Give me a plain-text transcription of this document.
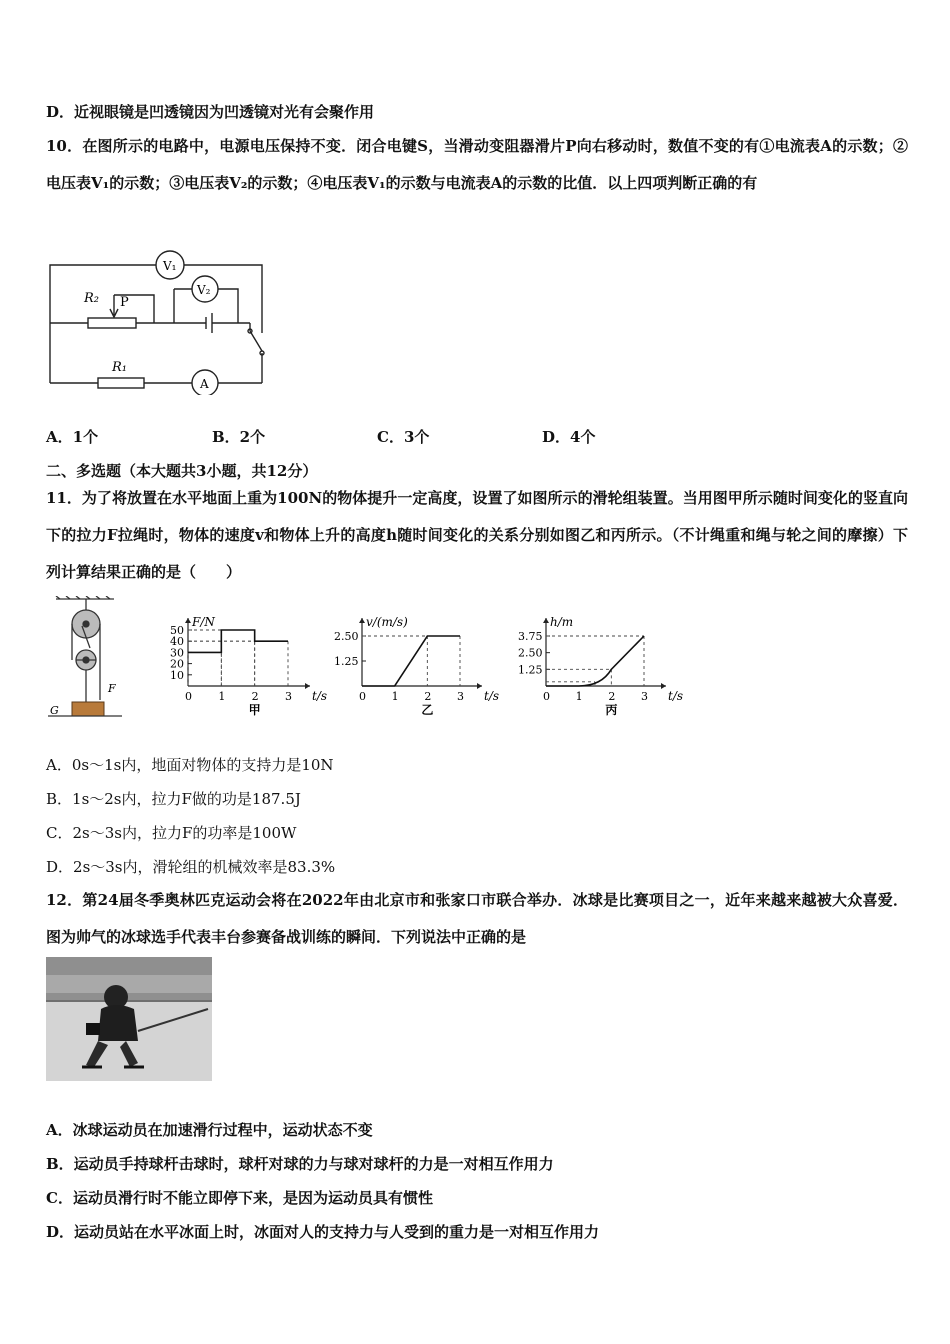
D．近视眼镜是凹透镜因为凹透镜对光有会聚作用
10．在图所示的电路中，电源电压保持不变．闭合电键S，当滑动变阻器滑片P向右移动时，数值不变的有①电流表A的示数；②电压表V₁的示数；③电压表V₂的示数；④电压表V₁的示数与电流表A的示数的比值．以上四项判断正确的有
V₁
V₂
R₂ P
R₁
A
A．1个	B．2个	C．3个	D．4个
二、多选题（本大题共3小题，共12分）
11．为了将放置在水平地面上重为100N的物体提升一定高度，设置了如图所示的滑轮组装置。当用图甲所示随时间变化的竖直向下的拉力F拉绳时，物体的速度v和物体上升的高度h随时间变化的关系分别如图乙和丙所示。（不计绳重和绳与轮之间的摩擦）下列计算结果正确的是（　　）
F
G
0 1 2 3
10
20
30
40
50
F/N
t/s
甲
0 1 2 3
1.25
2.50
v/(m/s)
t/s
乙
0 1 2 3
1.25
2.50
3.75
h/m
t/s
丙
A．0s～1s内，地面对物体的支持力是10N
B．1s～2s内，拉力F做的功是187.5J
C．2s～3s内，拉力F的功率是100W
D．2s～3s内，滑轮组的机械效率是83.3%
12．第24届冬季奥林匹克运动会将在2022年由北京市和张家口市联合举办．冰球是比赛项目之一，近年来越来越被大众喜爱．图为帅气的冰球选手代表丰台参赛备战训练的瞬间．下列说法中正确的是
A．冰球运动员在加速滑行过程中，运动状态不变
B．运动员手持球杆击球时，球杆对球的力与球对球杆的力是一对相互作用力
C．运动员滑行时不能立即停下来，是因为运动员具有惯性
D．运动员站在水平冰面上时，冰面对人的支持力与人受到的重力是一对相互作用力
